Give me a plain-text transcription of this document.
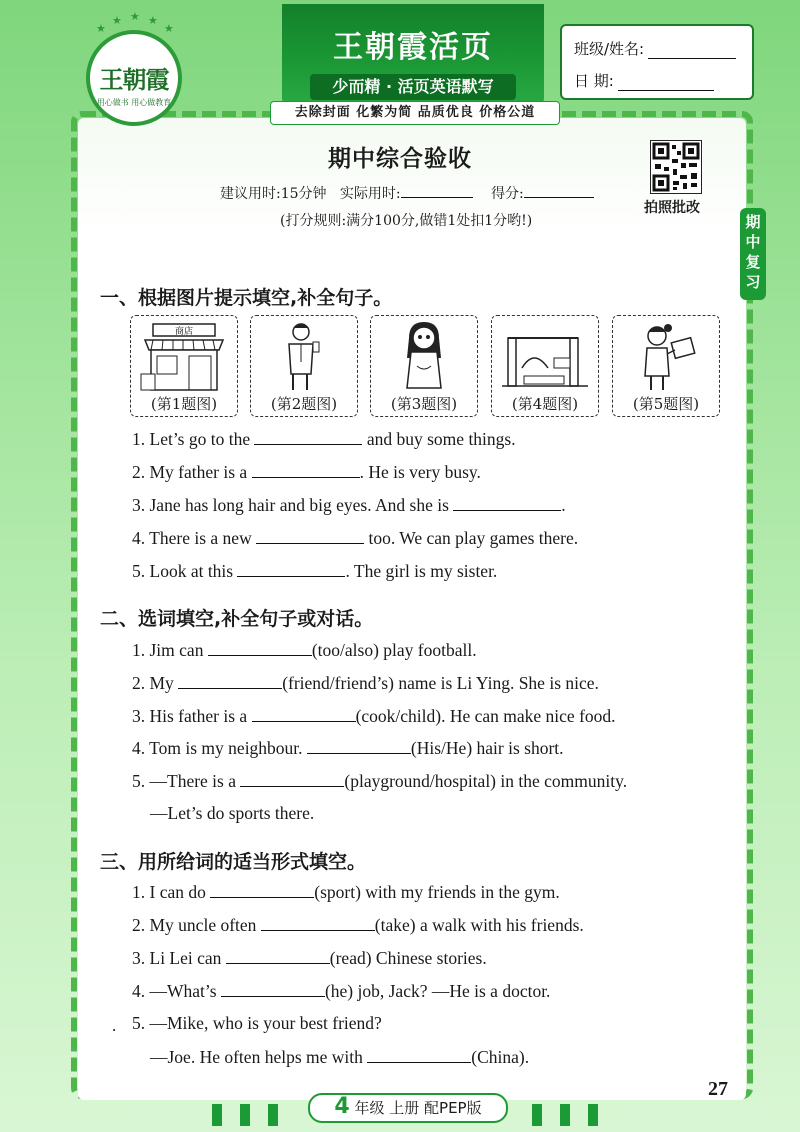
王朝霞
用心做书 用心做教育
★
★ ★ ★
★
王朝霞活页
少而精 · 活页英语默写
去除封面 化繁为简 品质优良 价格公道
班级/姓名:
日 期:
期中综合验收
建议用时:15分钟 实际用时:	得分:
(打分规则:满分100分,做错1处扣1分哟!)
拍照批改
期
中
复
习
一、根据图片提示填空,补全句子。
商店
(第1题图)	(第2题图)	(第3题图)	(第4题图)	(第5题图)
1. Let’s go to the	and buy some things.
2. My father is a	. He is very busy.
3. Jane has long hair and big eyes. And she is	.
4. There is a new	too. We can play games there.
5. Look at this	. The girl is my sister.
二、选词填空,补全句子或对话。
1. Jim can	(too/also) play football.
2. My	(friend/friend’s) name is Li Ying. She is nice.
3. His father is a	(cook/child). He can make nice food.
4. Tom is my neighbour.	(His/He) hair is short.
5. —There is a	(playground/hospital) in the community.
—Let’s do sports there.
三、用所给词的适当形式填空。
1. I can do	(sport) with my friends in the gym.
2. My uncle often	(take) a walk with his friends.
3. Li Lei can	(read) Chinese stories.
4. —What’s	(he) job, Jack? —He is a doctor.
. 5. —Mike, who is your best friend?
—Joe. He often helps me with	(China).
4 年级 上册 配PEP版
27
